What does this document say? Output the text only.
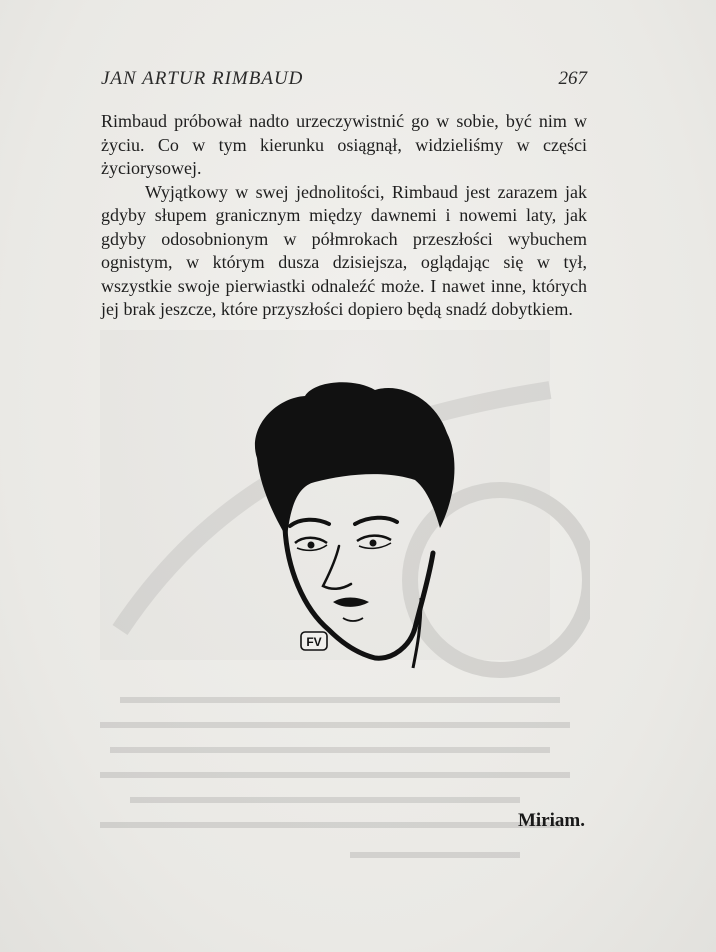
JAN ARTUR RIMBAUD	267

Rimbaud próbował nadto urzeczywistnić go w sobie, być nim w życiu. Co w tym kierunku osiągnął, widzieliśmy w części życiorysowej.

Wyjątkowy w swej jednolitości, Rimbaud jest zarazem jak gdyby słupem granicznym między dawnemi i nowemi laty, jak gdyby odosobnionym w półmrokach przeszłości wybuchem ognistym, w którym dusza dzisiejsza, oglądając się w tył, wszystkie swoje pierwiastki odnaleźć może. I nawet inne, których jej brak jeszcze, które przyszłości dopiero będą snadź dobytkiem.

FV
Miriam.
